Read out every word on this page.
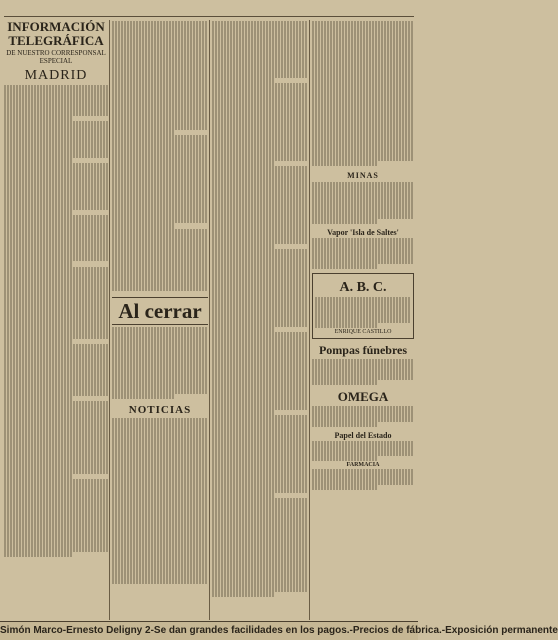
INFORMACIÓN TELEGRÁFICA
DE NUESTRO CORRESPONSAL ESPECIAL
MADRID
Al cerrar
NOTICIAS
MINAS
Vapor 'Isla de Saltes'
A. B. C.
ENRIQUE CASTILLO
Pompas fúnebres
OMEGA
Papel del Estado
FARMACIA
Simón Marco-Ernesto Deligny 2-Se dan grandes facilidades en los pagos.-Precios de fábrica.-Exposición permanente
